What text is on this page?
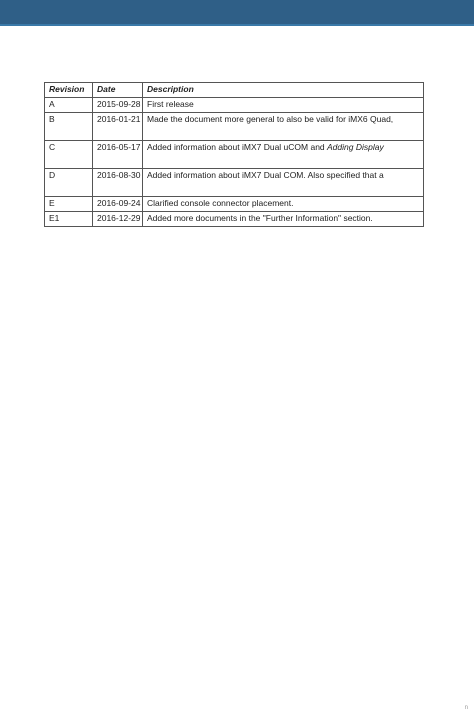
Revision	Date	Description
A	2015-09-28	First release
B	2016-01-21	Made the document more general to also be valid for iMX6 Quad,
C	2016-05-17	Added information about iMX7 Dual uCOM and Adding Display
D	2016-08-30	Added information about iMX7 Dual COM. Also specified that a
E	2016-09-24	Clarified console connector placement.
E1	2016-12-29	Added more documents in the "Further Information" section.
n
